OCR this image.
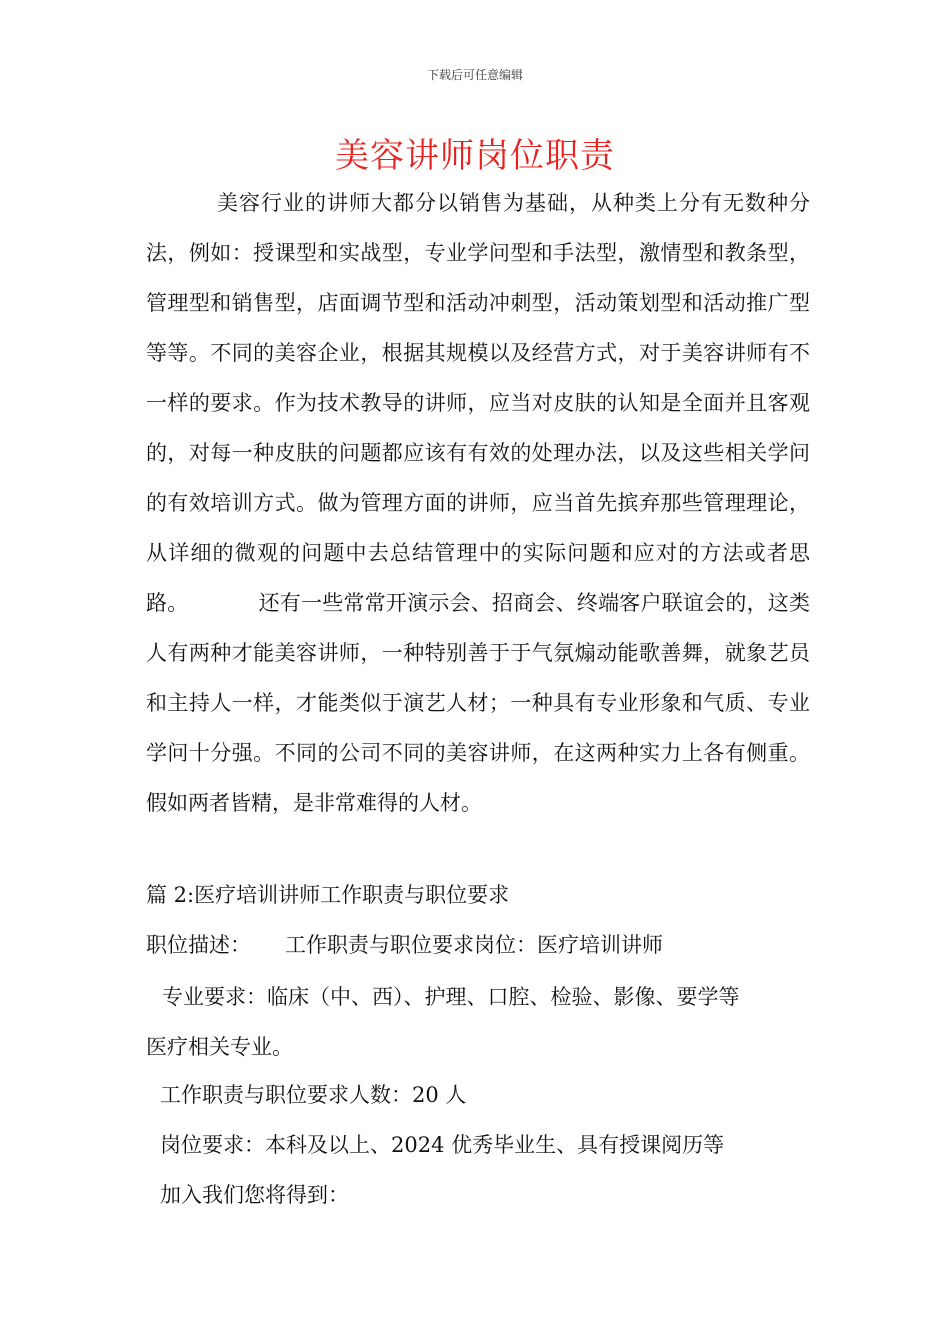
下载后可任意编辑
美容讲师岗位职责

美容行业的讲师大都分以销售为基础，从种类上分有无数种分法，例如：授课型和实战型，专业学问型和手法型，激情型和教条型，管理型和销售型，店面调节型和活动冲刺型，活动策划型和活动推广型等等。不同的美容企业，根据其规模以及经营方式，对于美容讲师有不一样的要求。作为技术教导的讲师，应当对皮肤的认知是全面并且客观的，对每一种皮肤的问题都应该有有效的处理办法，以及这些相关学问的有效培训方式。做为管理方面的讲师，应当首先摈弃那些管理理论，从详细的微观的问题中去总结管理中的实际问题和应对的方法或者思路。	还有一些常常开演示会、招商会、终端客户联谊会的，这类人有两种才能美容讲师，一种特别善于于气氛煽动能歌善舞，就象艺员和主持人一样，才能类似于演艺人材；一种具有专业形象和气质、专业学问十分强。不同的公司不同的美容讲师，在这两种实力上各有侧重。假如两者皆精，是非常难得的人材。

篇 2:医疗培训讲师工作职责与职位要求

职位描述： 工作职责与职位要求岗位：医疗培训讲师

专业要求：临床（中、西）、护理、口腔、检验、影像、要学等

医疗相关专业。

工作职责与职位要求人数：20 人

岗位要求：本科及以上、2024 优秀毕业生、具有授课阅历等

加入我们您将得到：
